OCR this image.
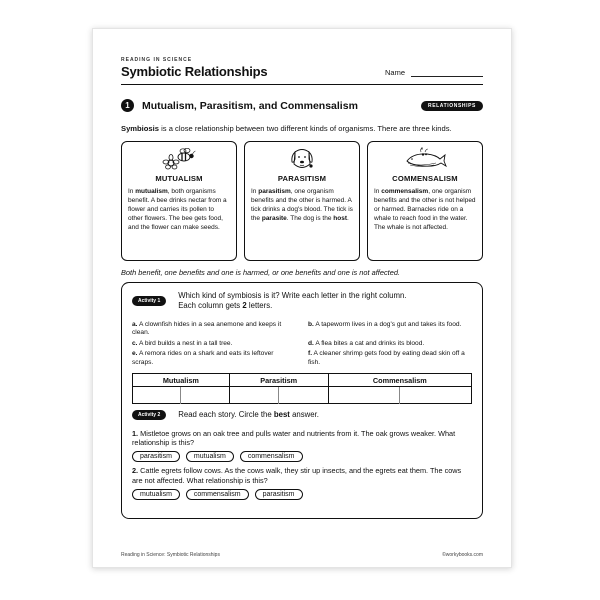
READING IN SCIENCE
Symbiotic Relationships	Name
1	Mutualism, Parasitism, and Commensalism	RELATIONSHIPS

Symbiosis is a close relationship between two different kinds of organisms. There are three kinds.

MUTUALISM

In mutualism, both organisms benefit. A bee drinks nectar from a flower and carries its pollen to other flowers. The bee gets food, and the flower can make seeds.

PARASITISM

In parasitism, one organism benefits and the other is harmed. A tick drinks a dog's blood. The tick is the parasite. The dog is the host.

COMMENSALISM

In commensalism, one organism benefits and the other is not helped or harmed. Barnacles ride on a whale to reach food in the water. The whale is not affected.

Both benefit, one benefits and one is harmed, or one benefits and one is not affected.

Activity 1
Which kind of symbiosis is it? Write each letter in the right column.
Each column gets 2 letters.
a. A clownfish hides in a sea anemone and keeps it clean.
b. A tapeworm lives in a dog's gut and takes its food.
c. A bird builds a nest in a tall tree.	d. A flea bites a cat and drinks its blood.
e. A remora rides on a shark and eats its leftover scraps.
f. A cleaner shrimp gets food by eating dead skin off a fish.
Mutualism		Parasitism		Commensalism	

Activity 2	Read each story. Circle the best answer.

1. Mistletoe grows on an oak tree and pulls water and nutrients from it. The oak grows weaker. What relationship is this?

parasitism	mutualism	commensalism

2. Cattle egrets follow cows. As the cows walk, they stir up insects, and the egrets eat them. The cows are not affected. What relationship is this?

mutualism	commensalism	parasitism
Reading in Science: Symbiotic Relationships	©workybooks.com
